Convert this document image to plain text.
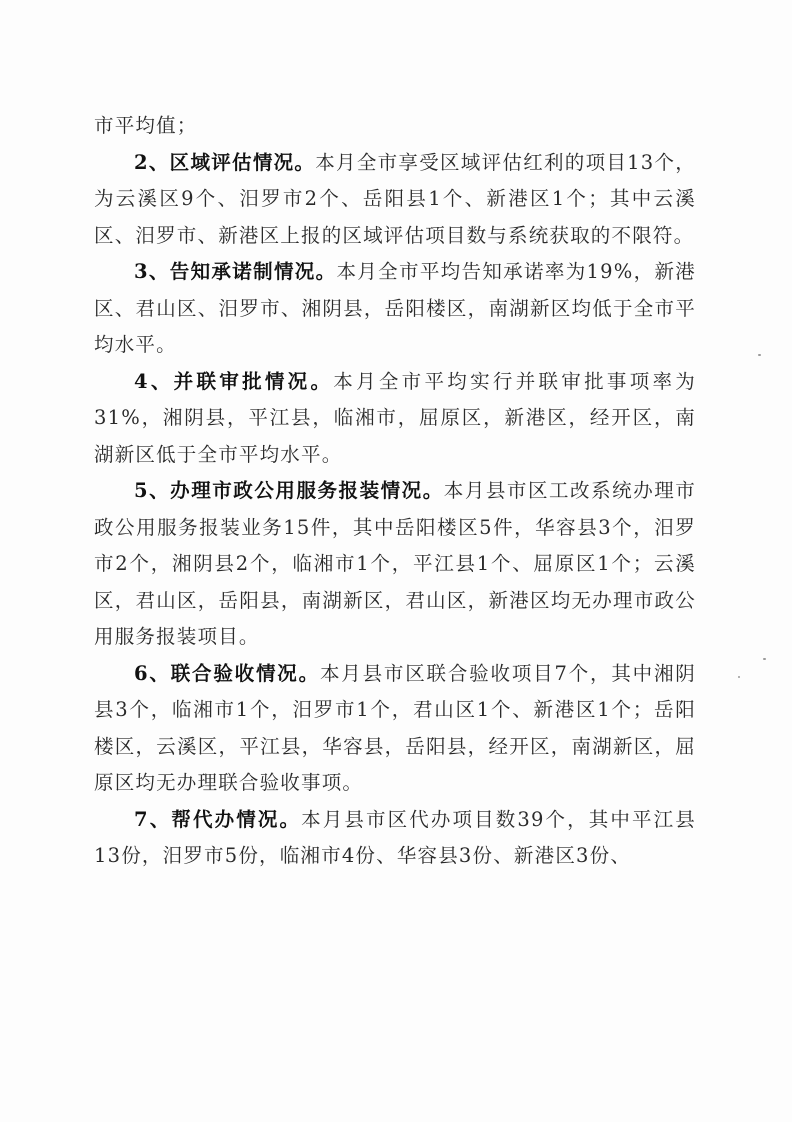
市平均值；

2、区域评估情况。本月全市享受区域评估红利的项目13个，为云溪区9个、汨罗市2个、岳阳县1个、新港区1个；其中云溪区、汨罗市、新港区上报的区域评估项目数与系统获取的不限符。

3、告知承诺制情况。本月全市平均告知承诺率为19%，新港区、君山区、汨罗市、湘阴县，岳阳楼区，南湖新区均低于全市平均水平。

4、并联审批情况。本月全市平均实行并联审批事项率为31%，湘阴县，平江县，临湘市，屈原区，新港区，经开区，南湖新区低于全市平均水平。

5、办理市政公用服务报装情况。本月县市区工改系统办理市政公用服务报装业务15件，其中岳阳楼区5件，华容县3个，汨罗市2个，湘阴县2个，临湘市1个，平江县1个、屈原区1个；云溪区，君山区，岳阳县，南湖新区，君山区，新港区均无办理市政公用服务报装项目。

6、联合验收情况。本月县市区联合验收项目7个，其中湘阴县3个，临湘市1个，汨罗市1个，君山区1个、新港区1个；岳阳楼区，云溪区，平江县，华容县，岳阳县，经开区，南湖新区，屈原区均无办理联合验收事项。

7、帮代办情况。本月县市区代办项目数39个，其中平江县13份，汨罗市5份，临湘市4份、华容县3份、新港区3份、
